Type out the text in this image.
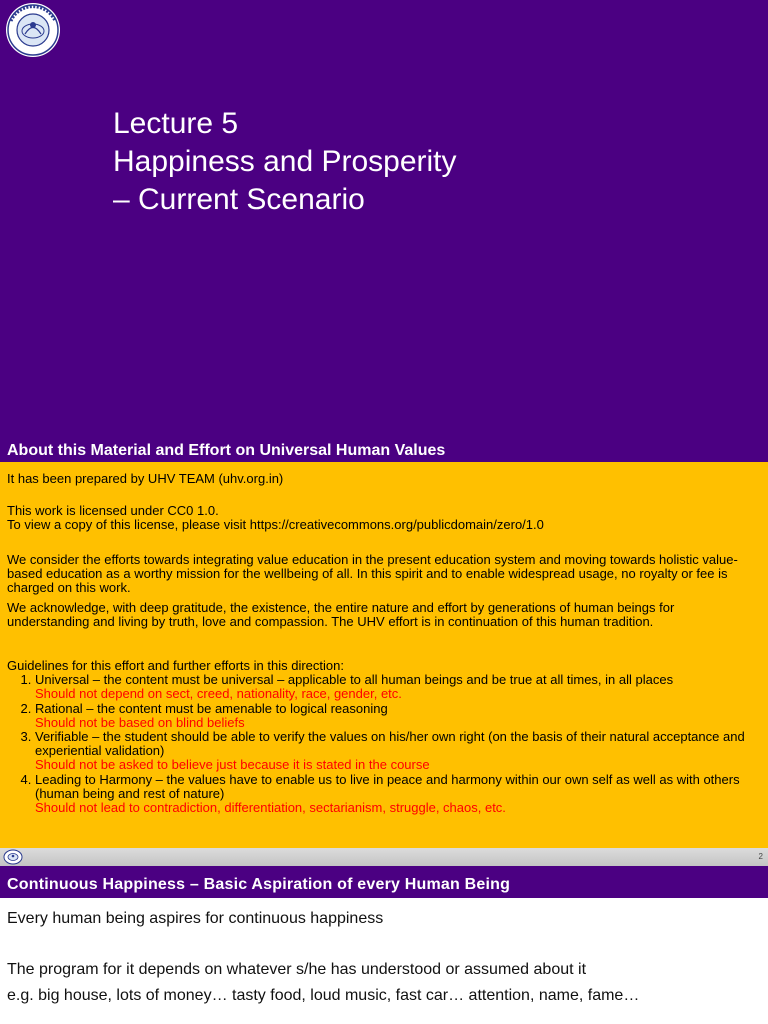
Lecture 5
Happiness and Prosperity
– Current Scenario
About this Material and Effort on Universal Human Values
It has been prepared by UHV TEAM (uhv.org.in)
This work is licensed under CC0 1.0.
To view a copy of this license, please visit https://creativecommons.org/publicdomain/zero/1.0
We consider the efforts towards integrating value education in the present education system and moving towards holistic value-based education as a worthy mission for the wellbeing of all. In this spirit and to enable widespread usage, no royalty or fee is charged on this work.
We acknowledge, with deep gratitude, the existence, the entire nature and effort by generations of human beings for understanding and living by truth, love and compassion. The UHV effort is in continuation of this human tradition.
Guidelines for this effort and further efforts in this direction:
1. Universal – the content must be universal – applicable to all human beings and be true at all times, in all places
Should not depend on sect, creed, nationality, race, gender, etc.
2. Rational – the content must be amenable to logical reasoning
Should not be based on blind beliefs
3. Verifiable – the student should be able to verify the values on his/her own right (on the basis of their natural acceptance and experiential validation)
Should not be asked to believe just because it is stated in the course
4. Leading to Harmony – the values have to enable us to live in peace and harmony within our own self as well as with others (human being and rest of nature)
Should not lead to contradiction, differentiation, sectarianism, struggle, chaos, etc.
2
Continuous Happiness – Basic Aspiration of every Human Being
Every human being aspires for continuous happiness
The program for it depends on whatever s/he has understood or assumed about it
e.g. big house, lots of money… tasty food, loud music, fast car… attention, name, fame…
